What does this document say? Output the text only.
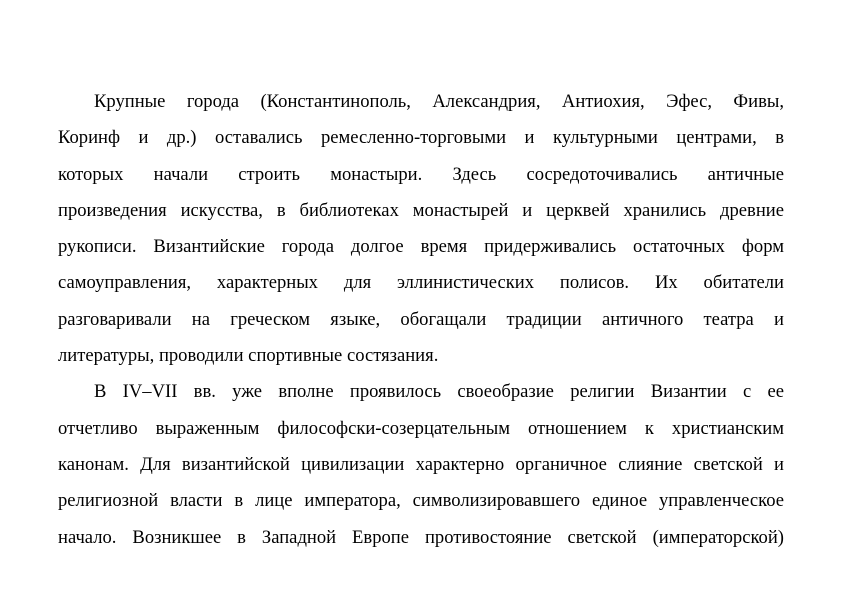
Крупные города (Константинополь, Александрия, Антиохия, Эфес, Фивы,
Коринф и др.) оставались ремесленно-торговыми и культурными центрами, в
которых начали строить монастыри. Здесь сосредоточивались античные
произведения искусства, в библиотеках монастырей и церквей хранились древние
рукописи. Византийские города долгое время придерживались остаточных форм
самоуправления, характерных для эллинистических полисов. Их обитатели
разговаривали на греческом языке, обогащали традиции античного театра и
литературы, проводили спортивные состязания.
В IV–VII вв. уже вполне проявилось своеобразие религии Византии с ее
отчетливо выраженным философски-созерцательным отношением к христианским
канонам. Для византийской цивилизации характерно органичное слияние светской и
религиозной власти в лице императора, символизировавшего единое управленческое
начало. Возникшее в Западной Европе противостояние светской (императорской)
